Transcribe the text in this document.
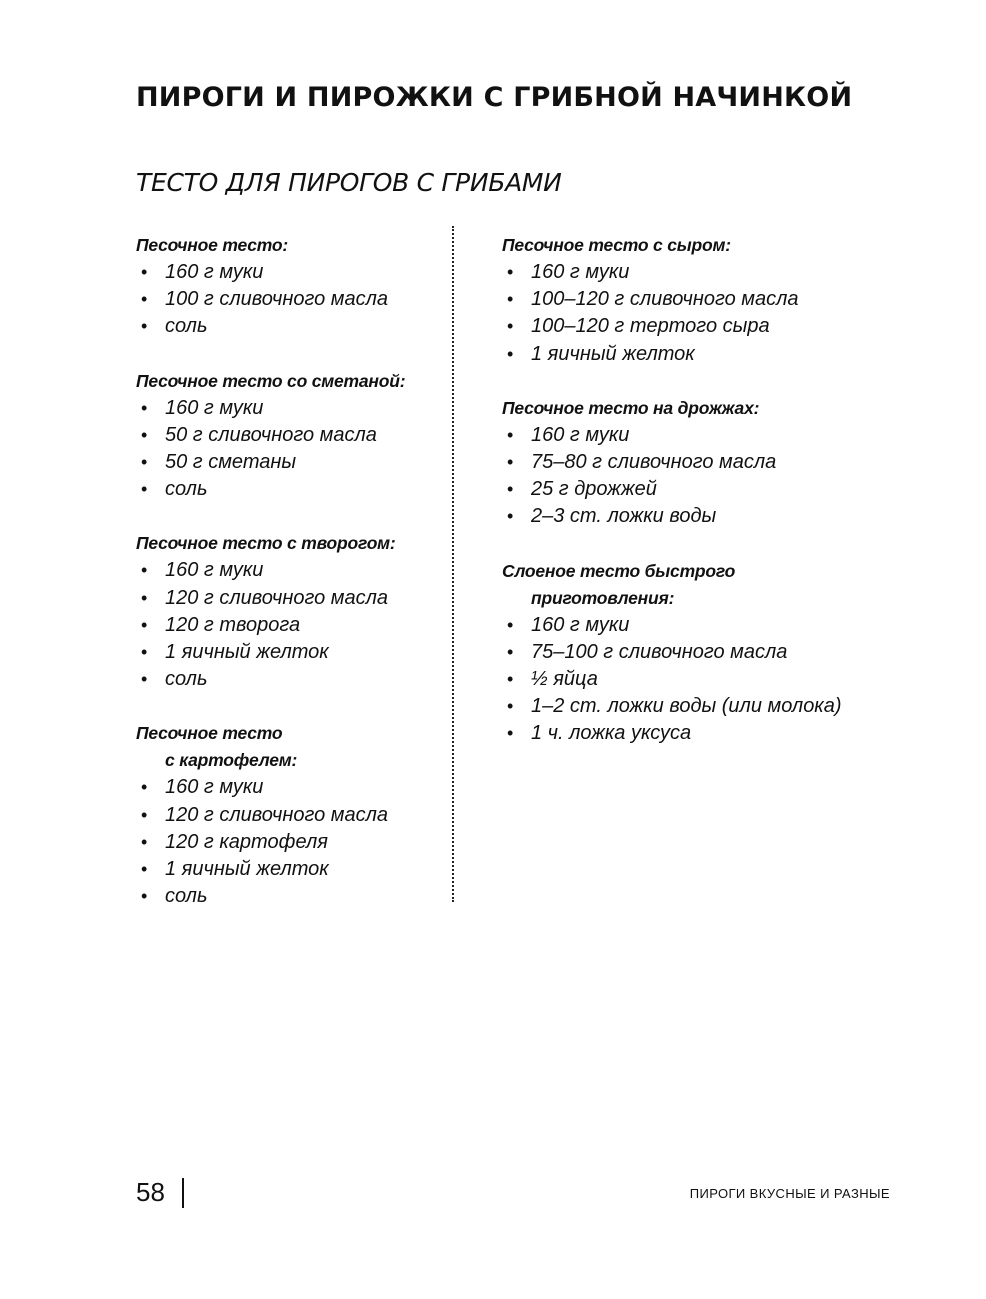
ПИРОГИ И ПИРОЖКИ С ГРИБНОЙ НАЧИНКОЙ
ТЕСТО ДЛЯ ПИРОГОВ С ГРИБАМИ

Песочное тесто:

• 160 г муки
• 100 г сливочного масла
• соль

Песочное тесто со сметаной:

• 160 г муки
• 50 г сливочного масла
• 50 г сметаны
• соль

Песочное тесто с творогом:

• 160 г муки
• 120 г сливочного масла
• 120 г творога
• 1 яичный желток
• соль

Песочное тесто
с картофелем:

• 160 г муки
• 120 г сливочного масла
• 120 г картофеля
• 1 яичный желток
• соль

Песочное тесто с сыром:

• 160 г муки
• 100–120 г сливочного масла
• 100–120 г тертого сыра
• 1 яичный желток

Песочное тесто на дрожжах:

• 160 г муки
• 75–80 г сливочного масла
• 25 г дрожжей
• 2–3 ст. ложки воды

Слоеное тесто быстрого
приготовления:

• 160 г муки
• 75–100 г сливочного масла
• ½ яйца
• 1–2 ст. ложки воды (или молока)
• 1 ч. ложка уксуса
58	ПИРОГИ ВКУСНЫЕ И РАЗНЫЕ
